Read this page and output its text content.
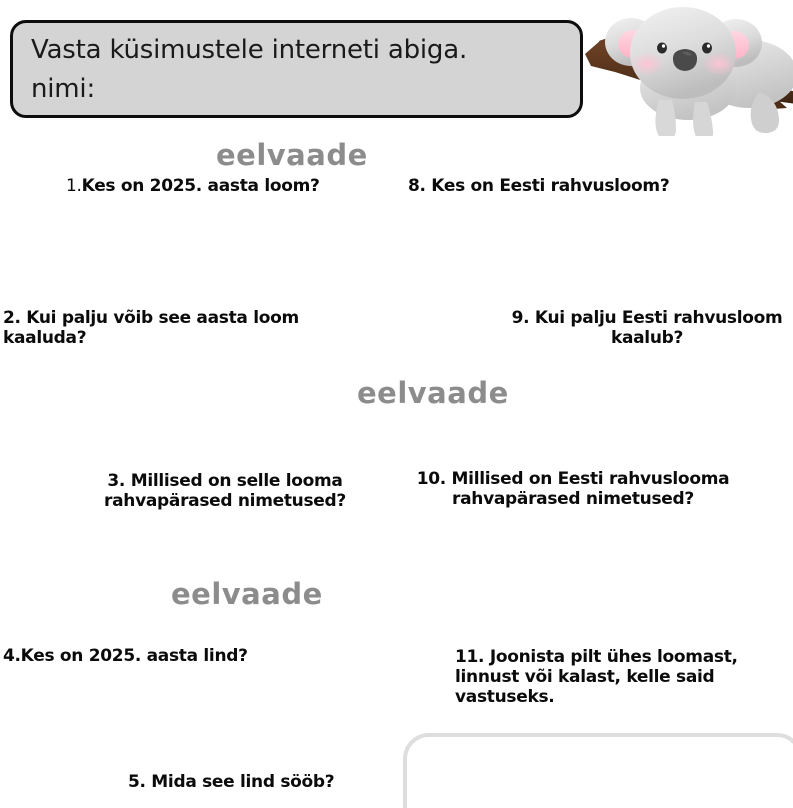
Vasta küsimustele interneti abiga.
nimi:
eelvaade
eelvaade
eelvaade
1.Kes on 2025. aasta loom?	8. Kes on Eesti rahvusloom?
2. Kui palju võib see aasta loom kaaluda?
9. Kui palju Eesti rahvusloom kaalub?
3. Millised on selle looma rahvapärased nimetused?
10. Millised on Eesti rahvuslooma rahvapärased nimetused?
4.Kes on 2025. aasta lind?	11. Joonista pilt ühes loomast, linnust või kalast, kelle said vastuseks.
5. Mida see lind sööb?
